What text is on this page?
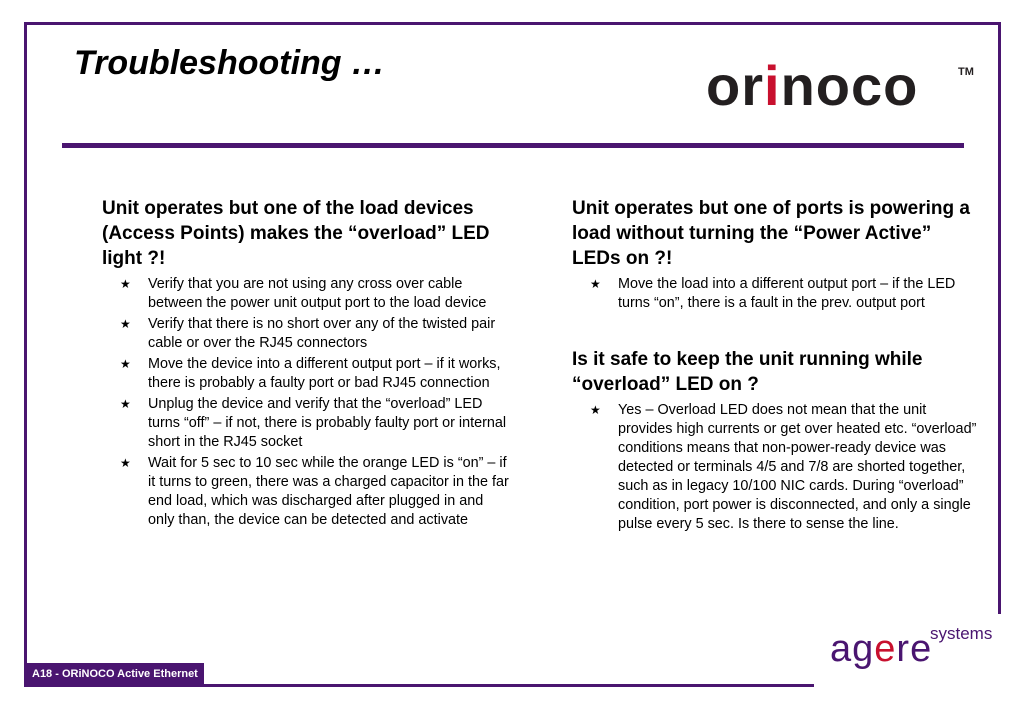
Troubleshooting …	orinoco	TM

Unit operates but one of the load devices (Access Points) makes the “overload” LED light ?!

★ Verify that you are not using any cross over cable between the power unit output port to the load device
★ Verify that there is no short over any of the twisted pair cable or over the RJ45 connectors
★ Move the device into a different output port – if it works, there is probably a faulty port or bad RJ45 connection
★ Unplug the device and verify that the “overload” LED turns “off” – if not, there is probably faulty port or internal short in the RJ45 socket
★ Wait for 5 sec to 10 sec while the orange LED is “on” – if it turns to green, there was a charged capacitor in the far end load, which was discharged after plugged in and only than, the device can be detected and activate

Unit operates but one of ports is powering a load without turning the “Power Active” LEDs on ?!

★ Move the load into a different output port – if the LED turns “on”, there is a fault in the prev. output port

Is it safe to keep the unit running while “overload” LED on ?

★ Yes – Overload LED does not mean that the unit provides high currents or get over heated etc. “overload” conditions means that non-power-ready device was detected or terminals 4/5 and 7/8 are shorted together, such as in legacy 10/100 NIC cards. During “overload” condition, port power is disconnected, and only a single pulse every 5 sec. Is there to sense the line.
A18 - ORiNOCO Active Ethernet
systems
agere
